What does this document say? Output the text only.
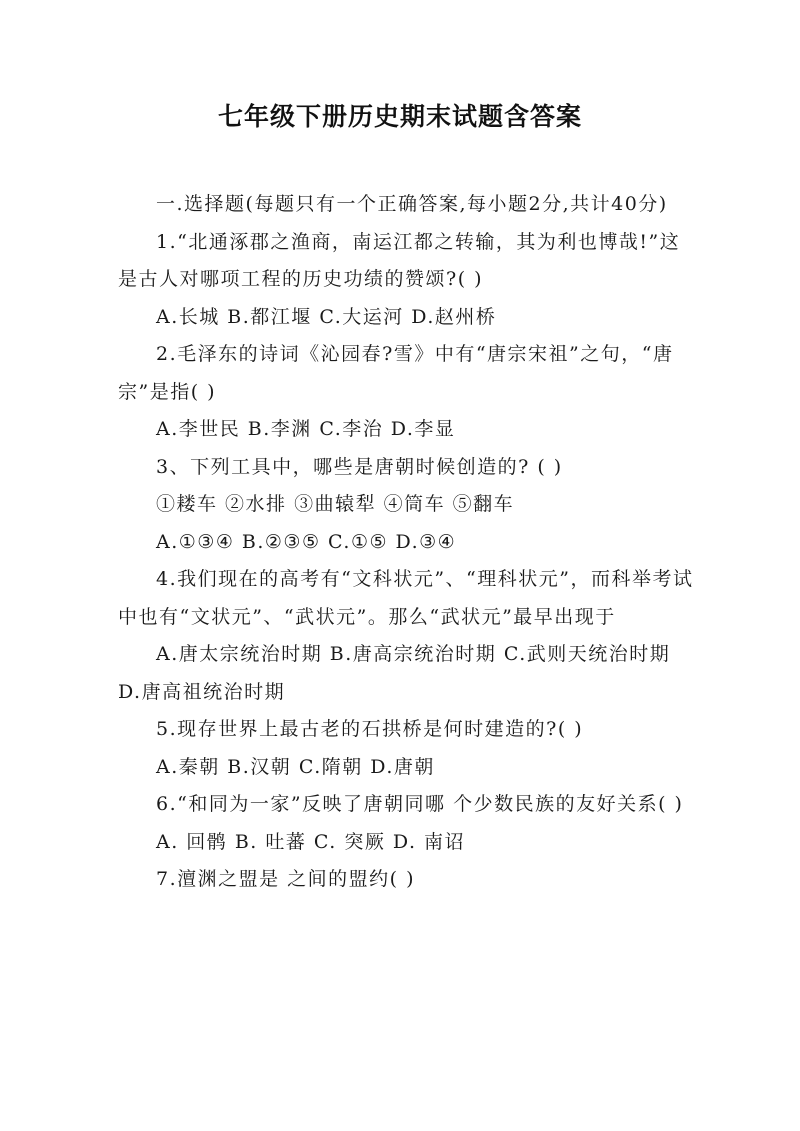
七年级下册历史期末试题含答案

一.选择题(每题只有一个正确答案,每小题2分,共计40分)

1.“北通涿郡之渔商，南运江都之转输，其为利也博哉!”这是古人对哪项工程的历史功绩的赞颂?( )

A.长城 B.都江堰 C.大运河 D.赵州桥

2.毛泽东的诗词《沁园春?雪》中有“唐宗宋祖”之句，“唐宗”是指( )

A.李世民 B.李渊 C.李治 D.李显

3、下列工具中，哪些是唐朝时候创造的? ( )

①耧车 ②水排 ③曲辕犁 ④筒车 ⑤翻车

A.①③④ B.②③⑤ C.①⑤ D.③④

4.我们现在的高考有“文科状元”、“理科状元”，而科举考试中也有“文状元”、“武状元”。那么“武状元”最早出现于

A.唐太宗统治时期 B.唐高宗统治时期 C.武则天统治时期 D.唐高祖统治时期

5.现存世界上最古老的石拱桥是何时建造的?( )

A.秦朝 B.汉朝 C.隋朝 D.唐朝

6.“和同为一家”反映了唐朝同哪 个少数民族的友好关系( )

A. 回鹘 B. 吐蕃 C. 突厥 D. 南诏

7.澶渊之盟是 之间的盟约( )
